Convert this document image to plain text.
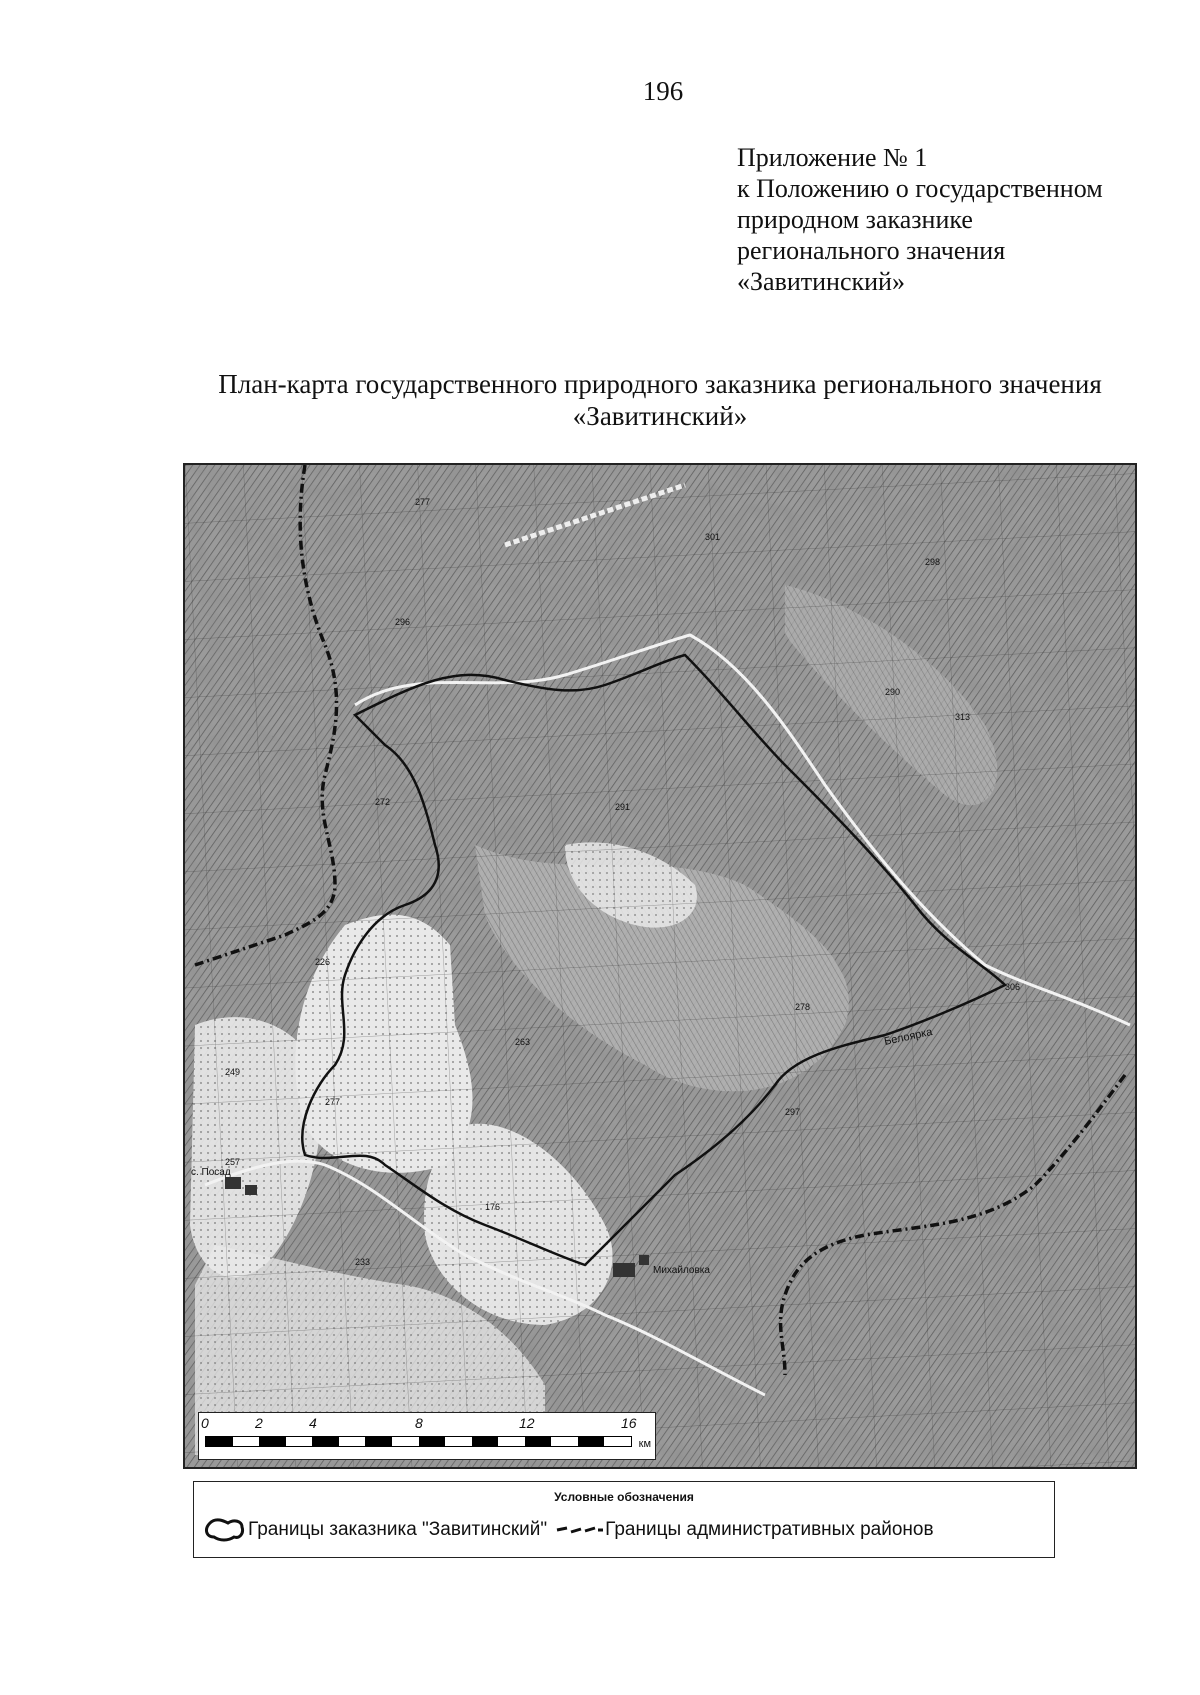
196
Приложение № 1
к Положению о государственном
природном заказнике
регионального значения
«Завитинский»
План-карта государственного природного заказника регионального значения
«Завитинский»
Белоярка
Михайловка
с. Посад
277
296
291
272
301
298
313
290
306
278
257
233
249
277
176
297
226
263
0	2	4	8	12	16
км
Условные обозначения
Границы заказника "Завитинский"	Границы административных районов
